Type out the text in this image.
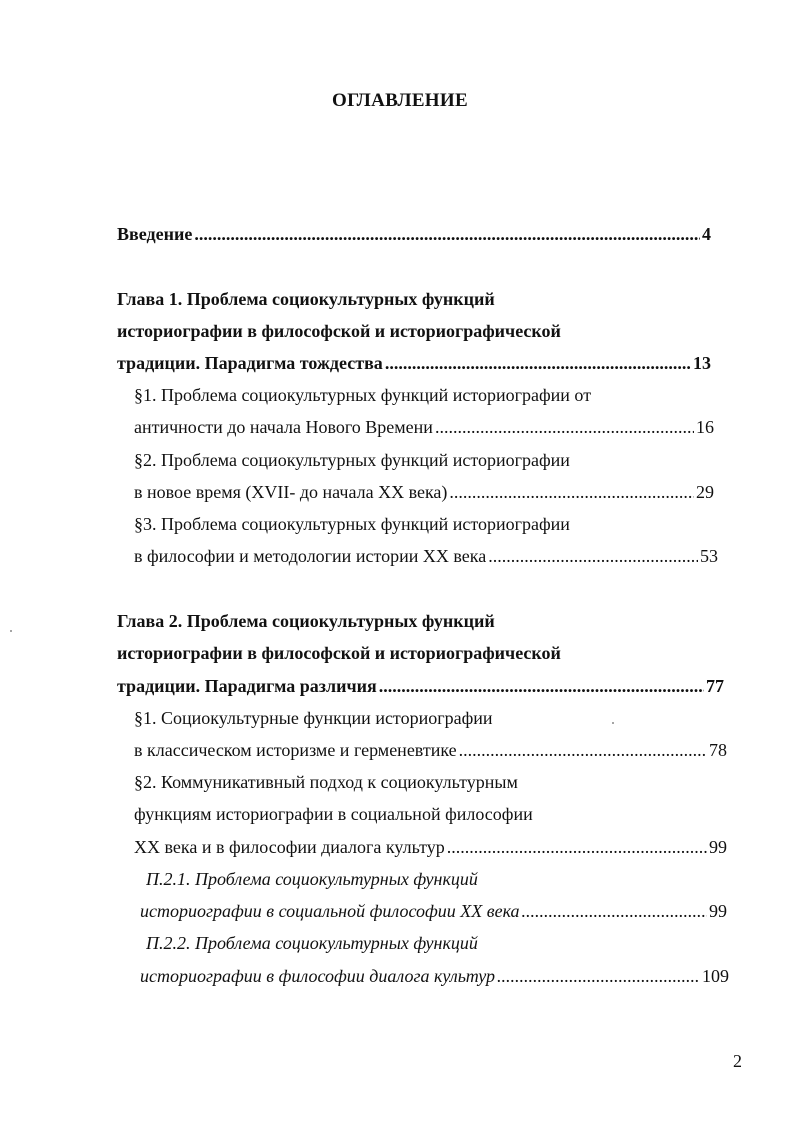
ОГЛАВЛЕНИЕ
Введение .....	4
Глава 1. Проблема социокультурных функций
историографии в философской и историографической
традиции. Парадигма тождества .....	13
§1. Проблема социокультурных функций историографии от
античности до начала Нового Времени .....	16
§2. Проблема социокультурных функций историографии
в новое время (XVII- до начала XX века) .....	29
§3. Проблема социокультурных функций историографии
в философии и методологии истории XX века .....	53
Глава 2. Проблема социокультурных функций
историографии в философской и историографической
традиции. Парадигма различия .....	77
§1. Социокультурные функции историографии
в классическом историзме и герменевтике .....	78
§2. Коммуникативный подход к социокультурным
функциям историографии в социальной философии
XX века и в философии диалога культур .....	99
П.2.1. Проблема социокультурных функций
историографии в социальной философии XX века .....	99
П.2.2. Проблема социокультурных функций
историографии в философии диалога культур .....	109
2
